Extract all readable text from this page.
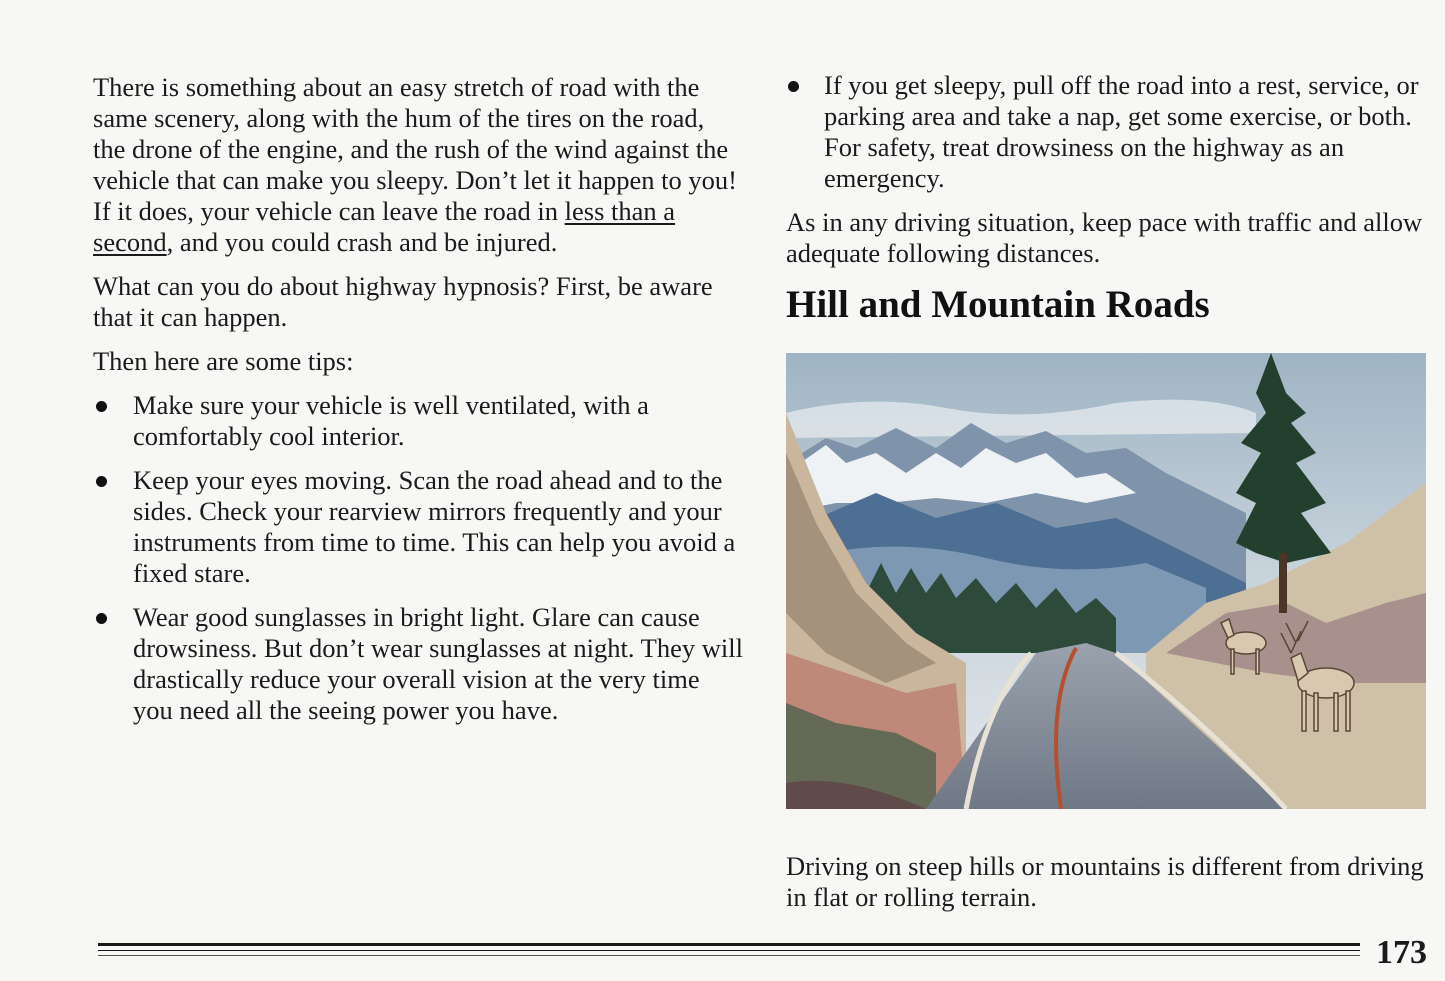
There is something about an easy stretch of road with the same scenery, along with the hum of the tires on the road, the drone of the engine, and the rush of the wind against the vehicle that can make you sleepy. Don’t let it happen to you! If it does, your vehicle can leave the road in less than a second, and you could crash and be injured.

What can you do about highway hypnosis? First, be aware that it can happen.

Then here are some tips:

Make sure your vehicle is well ventilated, with a comfortably cool interior.
Keep your eyes moving. Scan the road ahead and to the sides. Check your rearview mirrors frequently and your instruments from time to time. This can help you avoid a fixed stare.
Wear good sunglasses in bright light. Glare can cause drowsiness. But don’t wear sunglasses at night. They will drastically reduce your overall vision at the very time you need all the seeing power you have.
If you get sleepy, pull off the road into a rest, service, or parking area and take a nap, get some exercise, or both. For safety, treat drowsiness on the highway as an emergency.

As in any driving situation, keep pace with traffic and allow adequate following distances.

Hill and Mountain Roads

Driving on steep hills or mountains is different from driving in flat or rolling terrain.

173
